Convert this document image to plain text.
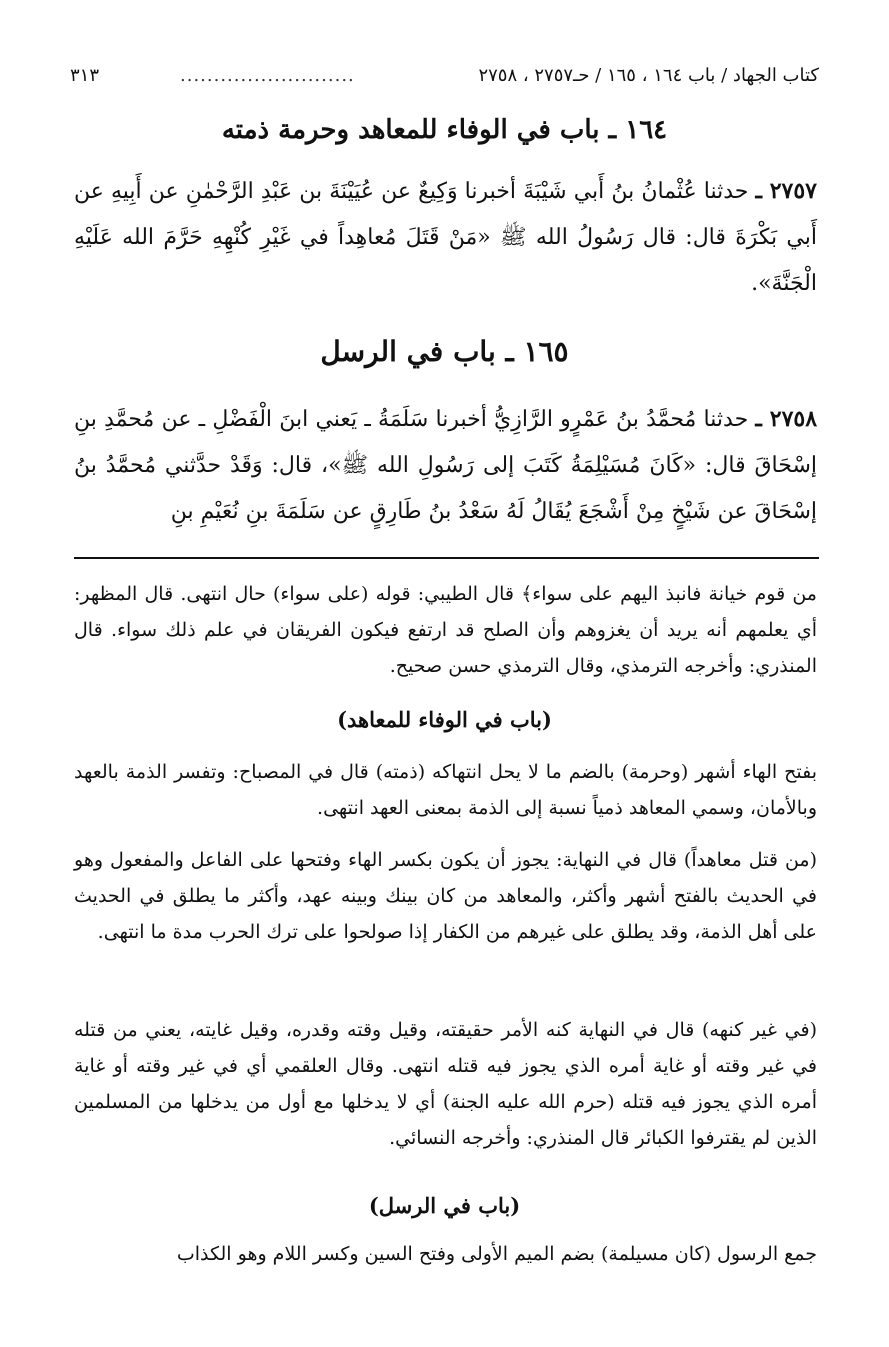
كتاب الجهاد / باب ١٦٤ ، ١٦٥ / حـ٢٧٥٧ ، ٢٧٥٨
..........................
٣١٣
١٦٤ ـ باب في الوفاء للمعاهد وحرمة ذمته
٢٧٥٧ ـ حدثنا عُثْمانُ بنُ أَبي شَيْبَةَ أخبرنا وَكِيعٌ عن عُيَيْنَةَ بن عَبْدِ الرَّحْمٰنِ عن أَبِيهِ عن أَبي بَكْرَةَ قال: قال رَسُولُ الله ﷺ «مَنْ قَتَلَ مُعاهِداً في غَيْرِ كُنْهِهِ حَرَّمَ الله عَلَيْهِ الْجَنَّةَ».
١٦٥ ـ باب في الرسل
٢٧٥٨ ـ حدثنا مُحمَّدُ بنُ عَمْرٍو الرَّازِيُّ أخبرنا سَلَمَةُ ـ يَعني ابنَ الْفَضْلِ ـ عن مُحمَّدِ بنِ إسْحَاقَ قال: «كَانَ مُسَيْلِمَةُ كَتَبَ إلى رَسُولِ الله ﷺ»، قال: وَقَدْ حدَّثني مُحمَّدُ بنُ إسْحَاقَ عن شَيْخٍ مِنْ أَشْجَعَ يُقَالُ لَهُ سَعْدُ بنُ طَارِقٍ عن سَلَمَةَ بنِ نُعَيْمِ بنِ
من قوم خيانة فانبذ اليهم على سواء﴾ قال الطيبي: قوله (على سواء) حال انتهى. قال المظهر: أي يعلمهم أنه يريد أن يغزوهم وأن الصلح قد ارتفع فيكون الفريقان في علم ذلك سواء. قال المنذري: وأخرجه الترمذي، وقال الترمذي حسن صحيح.
(باب في الوفاء للمعاهد)
بفتح الهاء أشهر (وحرمة) بالضم ما لا يحل انتهاكه (ذمته) قال في المصباح: وتفسر الذمة بالعهد وبالأمان، وسمي المعاهد ذمياً نسبة إلى الذمة بمعنى العهد انتهى.
(من قتل معاهداً) قال في النهاية: يجوز أن يكون بكسر الهاء وفتحها على الفاعل والمفعول وهو في الحديث بالفتح أشهر وأكثر، والمعاهد من كان بينك وبينه عهد، وأكثر ما يطلق في الحديث على أهل الذمة، وقد يطلق على غيرهم من الكفار إذا صولحوا على ترك الحرب مدة ما انتهى.
(في غير كنهه) قال في النهاية كنه الأمر حقيقته، وقيل وقته وقدره، وقيل غايته، يعني من قتله في غير وقته أو غاية أمره الذي يجوز فيه قتله انتهى. وقال العلقمي أي في غير وقته أو غاية أمره الذي يجوز فيه قتله (حرم الله عليه الجنة) أي لا يدخلها مع أول من يدخلها من المسلمين الذين لم يقترفوا الكبائر قال المنذري: وأخرجه النسائي.
(باب في الرسل)
جمع الرسول (كان مسيلمة) بضم الميم الأولى وفتح السين وكسر اللام وهو الكذاب
